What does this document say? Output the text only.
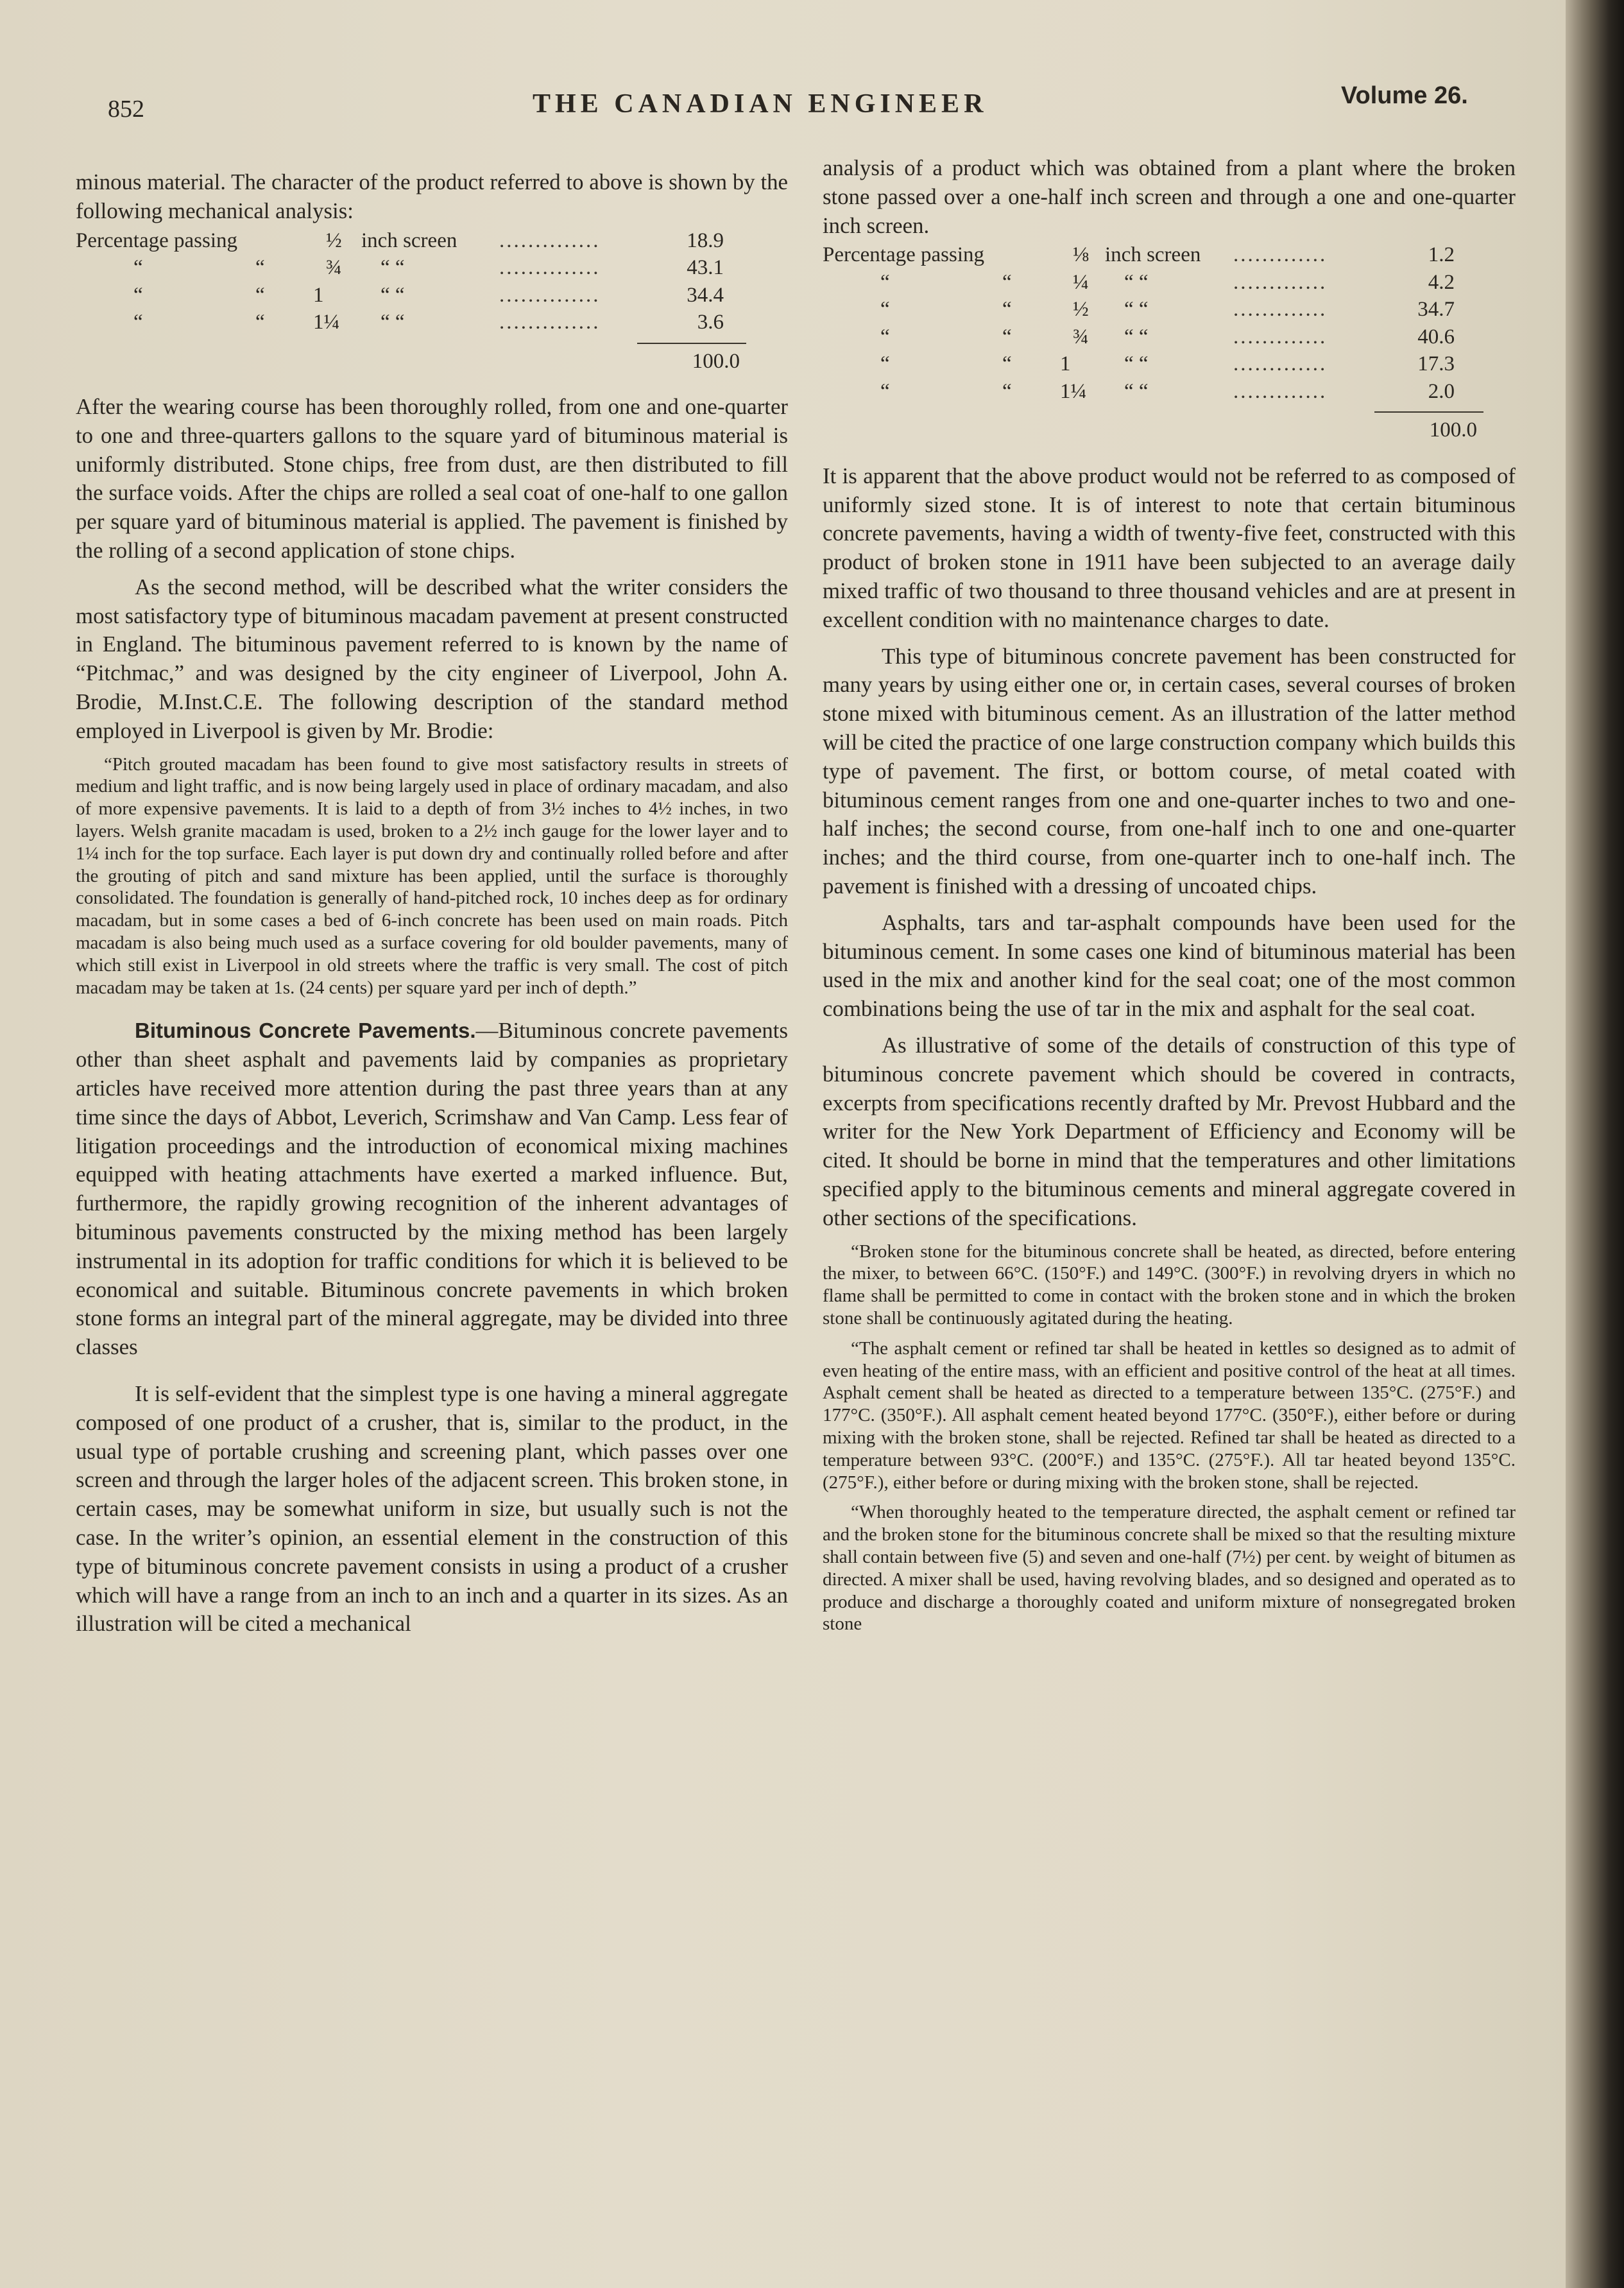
852	THE CANADIAN ENGINEER	Volume 26.

minous material. The character of the product referred to above is shown by the following mechanical analysis:

Percentage passing	½ inch screen ..............	18.9
“	“	¾ “ “	..............	43.1
“	“ 1	“ “	..............	34.4
“	“ 1¼ “ “	..............	3.6
100.0

After the wearing course has been thoroughly rolled, from one and one-quarter to one and three-quarters gallons to the square yard of bituminous material is uniformly distributed. Stone chips, free from dust, are then distributed to fill the surface voids. After the chips are rolled a seal coat of one-half to one gallon per square yard of bituminous material is applied. The pavement is finished by the rolling of a second application of stone chips.

As the second method, will be described what the writer considers the most satisfactory type of bituminous macadam pavement at present constructed in England. The bituminous pavement referred to is known by the name of “Pitchmac,” and was designed by the city engineer of Liverpool, John A. Brodie, M.Inst.C.E. The following description of the standard method employed in Liverpool is given by Mr. Brodie:

“Pitch grouted macadam has been found to give most satisfactory results in streets of medium and light traffic, and is now being largely used in place of ordinary macadam, and also of more expensive pavements. It is laid to a depth of from 3½ inches to 4½ inches, in two layers. Welsh granite macadam is used, broken to a 2½ inch gauge for the lower layer and to 1¼ inch for the top surface. Each layer is put down dry and continually rolled before and after the grouting of pitch and sand mixture has been applied, until the surface is thoroughly consolidated. The foundation is generally of hand-pitched rock, 10 inches deep as for ordinary macadam, but in some cases a bed of 6-inch concrete has been used on main roads. Pitch macadam is also being much used as a surface covering for old boulder pavements, many of which still exist in Liverpool in old streets where the traffic is very small. The cost of pitch macadam may be taken at 1s. (24 cents) per square yard per inch of depth.”

Bituminous Concrete Pavements.—Bituminous concrete pavements other than sheet asphalt and pavements laid by companies as proprietary articles have received more attention during the past three years than at any time since the days of Abbot, Leverich, Scrimshaw and Van Camp. Less fear of litigation proceedings and the introduction of economical mixing machines equipped with heating attachments have exerted a marked influence. But, furthermore, the rapidly growing recognition of the inherent advantages of bituminous pavements constructed by the mixing method has been largely instrumental in its adoption for traffic conditions for which it is believed to be economical and suitable. Bituminous concrete pavements in which broken stone forms an integral part of the mineral aggregate, may be divided into three classes

It is self-evident that the simplest type is one having a mineral aggregate composed of one product of a crusher, that is, similar to the product, in the usual type of portable crushing and screening plant, which passes over one screen and through the larger holes of the adjacent screen. This broken stone, in certain cases, may be somewhat uniform in size, but usually such is not the case. In the writer’s opinion, an essential element in the construction of this type of bituminous concrete pavement consists in using a product of a crusher which will have a range from an inch to an inch and a quarter in its sizes. As an illustration will be cited a mechanical

analysis of a product which was obtained from a plant where the broken stone passed over a one-half inch screen and through a one and one-quarter inch screen.

Percentage passing	⅛ inch screen .............	1.2
“	“	¼ “ “	.............	4.2
“	“	½ “ “	.............	34.7
“	“	¾ “ “	.............	40.6
“	“ 1	“ “	.............	17.3
“	“ 1¼ “ “	.............	2.0
100.0

It is apparent that the above product would not be referred to as composed of uniformly sized stone. It is of interest to note that certain bituminous concrete pavements, having a width of twenty-five feet, constructed with this product of broken stone in 1911 have been subjected to an average daily mixed traffic of two thousand to three thousand vehicles and are at present in excellent condition with no maintenance charges to date.

This type of bituminous concrete pavement has been constructed for many years by using either one or, in certain cases, several courses of broken stone mixed with bituminous cement. As an illustration of the latter method will be cited the practice of one large construction company which builds this type of pavement. The first, or bottom course, of metal coated with bituminous cement ranges from one and one-quarter inches to two and one-half inches; the second course, from one-half inch to one and one-quarter inches; and the third course, from one-quarter inch to one-half inch. The pavement is finished with a dressing of uncoated chips.

Asphalts, tars and tar-asphalt compounds have been used for the bituminous cement. In some cases one kind of bituminous material has been used in the mix and another kind for the seal coat; one of the most common combinations being the use of tar in the mix and asphalt for the seal coat.

As illustrative of some of the details of construction of this type of bituminous concrete pavement which should be covered in contracts, excerpts from specifications recently drafted by Mr. Prevost Hubbard and the writer for the New York Department of Efficiency and Economy will be cited. It should be borne in mind that the temperatures and other limitations specified apply to the bituminous cements and mineral aggregate covered in other sections of the specifications.

“Broken stone for the bituminous concrete shall be heated, as directed, before entering the mixer, to between 66°C. (150°F.) and 149°C. (300°F.) in revolving dryers in which no flame shall be permitted to come in contact with the broken stone and in which the broken stone shall be continuously agitated during the heating.

“The asphalt cement or refined tar shall be heated in kettles so designed as to admit of even heating of the entire mass, with an efficient and positive control of the heat at all times. Asphalt cement shall be heated as directed to a temperature between 135°C. (275°F.) and 177°C. (350°F.). All asphalt cement heated beyond 177°C. (350°F.), either before or during mixing with the broken stone, shall be rejected. Refined tar shall be heated as directed to a temperature between 93°C. (200°F.) and 135°C. (275°F.). All tar heated beyond 135°C. (275°F.), either before or during mixing with the broken stone, shall be rejected.

“When thoroughly heated to the temperature directed, the asphalt cement or refined tar and the broken stone for the bituminous concrete shall be mixed so that the resulting mixture shall contain between five (5) and seven and one-half (7½) per cent. by weight of bitumen as directed. A mixer shall be used, having revolving blades, and so designed and operated as to produce and discharge a thoroughly coated and uniform mixture of nonsegregated broken stone
